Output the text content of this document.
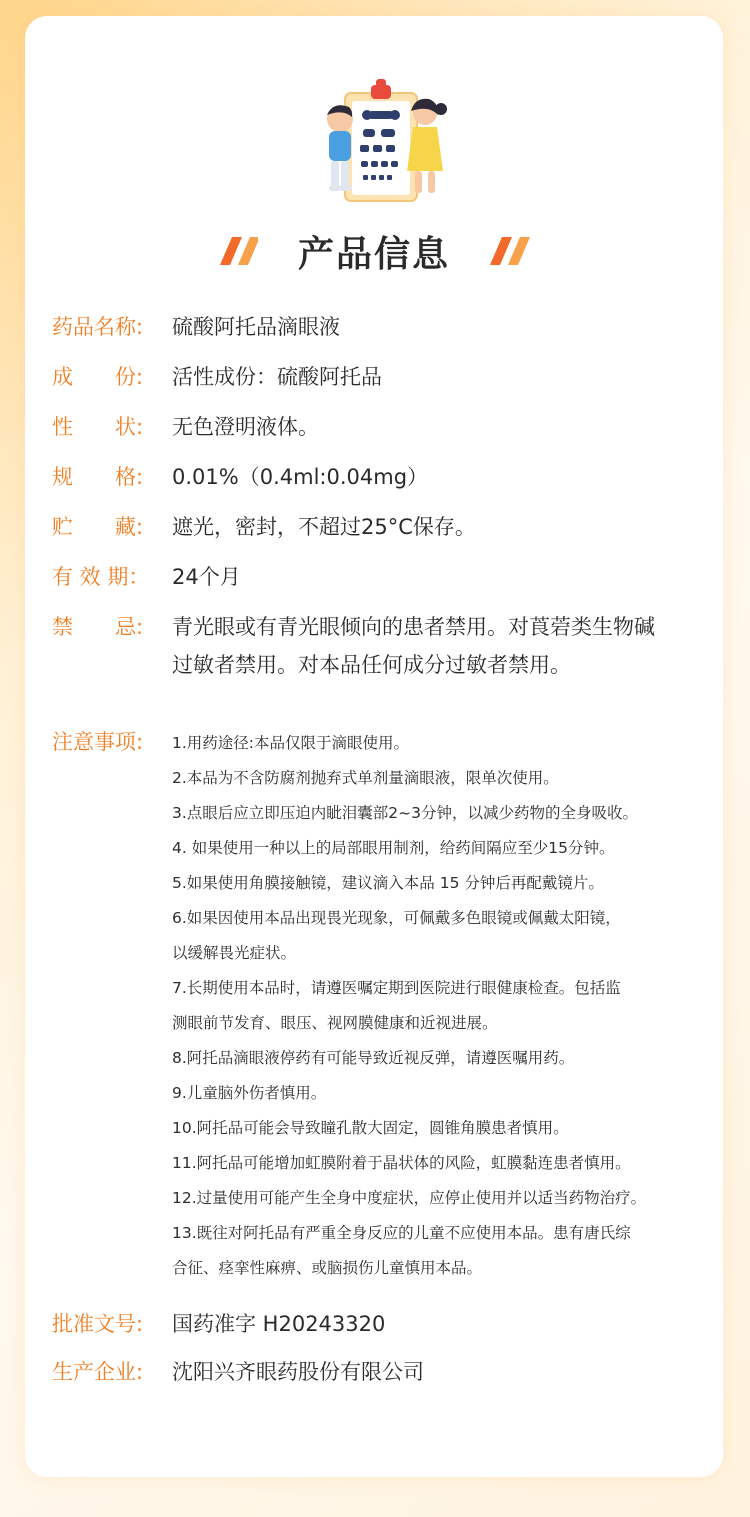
产品信息
药品名称:	硫酸阿托品滴眼液
成　　份:	活性成份：硫酸阿托品
性　　状:	无色澄明液体。
规　　格:	0.01%（0.4ml:0.04mg）
贮　　藏:	遮光，密封，不超过25°C保存。
有 效 期：	24个月
禁　　忌:	青光眼或有青光眼倾向的患者禁用。对莨菪类生物碱过敏者禁用。对本品任何成分过敏者禁用。
注意事项:	1.用药途径:本品仅限于滴眼使用。

2.本品为不含防腐剂抛弃式单剂量滴眼液，限单次使用。

3.点眼后应立即压迫内眦泪囊部2~3分钟，以减少药物的全身吸收。

4. 如果使用一种以上的局部眼用制剂，给药间隔应至少15分钟。

5.如果使用角膜接触镜，建议滴入本品 15 分钟后再配戴镜片。

6.如果因使用本品出现畏光现象，可佩戴多色眼镜或佩戴太阳镜，

以缓解畏光症状。

7.长期使用本品时，请遵医嘱定期到医院进行眼健康检查。包括监

测眼前节发育、眼压、视网膜健康和近视进展。

8.阿托品滴眼液停药有可能导致近视反弹，请遵医嘱用药。

9.儿童脑外伤者慎用。

10.阿托品可能会导致瞳孔散大固定，圆锥角膜患者慎用。

11.阿托品可能增加虹膜附着于晶状体的风险，虹膜黏连患者慎用。

12.过量使用可能产生全身中度症状，应停止使用并以适当药物治疗。

13.既往对阿托品有严重全身反应的儿童不应使用本品。患有唐氏综

合征、痉挛性麻痹、或脑损伤儿童慎用本品。

批准文号:	国药准字 H20243320
生产企业:	沈阳兴齐眼药股份有限公司
